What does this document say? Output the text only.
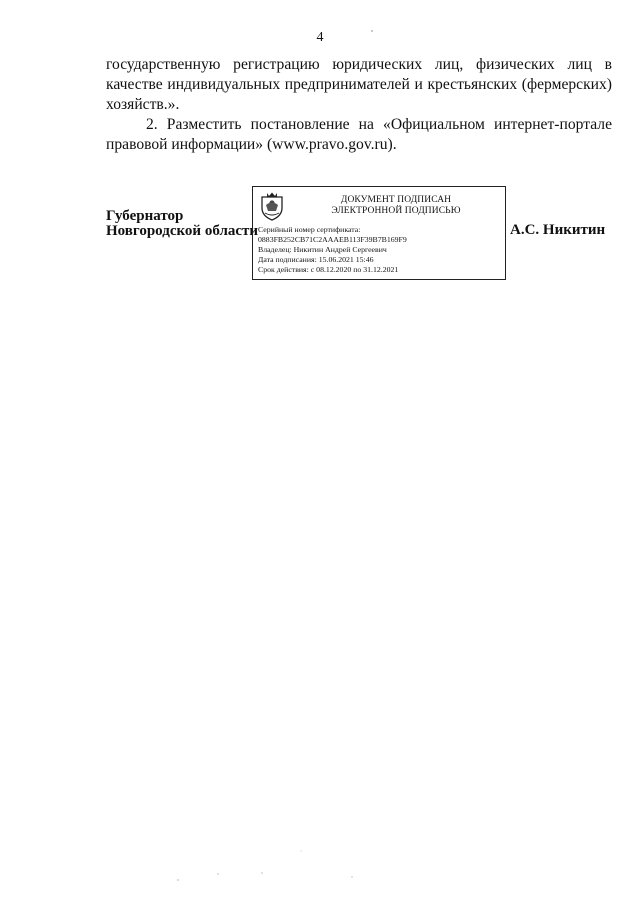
4

государственную регистрацию юридических лиц, физических лиц в качестве индивидуальных предпринимателей и крестьянских (фермерских) хозяйств.».

2. Разместить постановление на «Официальном интернет-портале правовой информации» (www.pravo.gov.ru).

Губернатор
Новгородской области
ДОКУМЕНТ ПОДПИСАН
ЭЛЕКТРОННОЙ ПОДПИСЬЮ
Серийный номер сертификата:
0883FB252CB71C2AAAEB113F39B7B169F9
Владелец: Никитин Андрей Сергеевич
Дата подписания: 15.06.2021 15:46
Срок действия: с 08.12.2020 по 31.12.2021
А.С. Никитин
